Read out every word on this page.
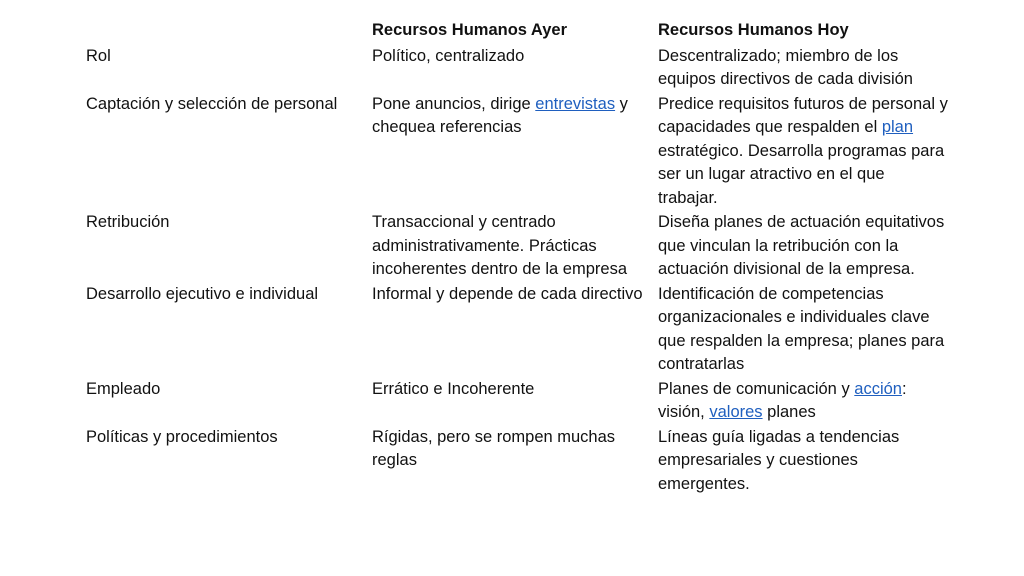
	Recursos Humanos Ayer	Recursos Humanos Hoy
Rol	Político, centralizado	Descentralizado; miembro de los equipos directivos de cada división
Captación y selección de personal	Pone anuncios, dirige entrevistas y chequea referencias	Predice requisitos futuros de personal y capacidades que respalden el plan estratégico. Desarrolla programas para ser un lugar atractivo en el que trabajar.
Retribución	Transaccional y centrado administrativamente. Prácticas incoherentes dentro de la empresa	Diseña planes de actuación equitativos que vinculan la retribución con la actuación divisional de la empresa.
Desarrollo ejecutivo e individual	Informal y depende de cada directivo	Identificación de competencias organizacionales e individuales clave que respalden la empresa; planes para contratarlas
Empleado	Errático e Incoherente	Planes de comunicación y acción: visión, valores planes
Políticas y procedimientos	Rígidas, pero se rompen muchas reglas	Líneas guía ligadas a tendencias empresariales y cuestiones emergentes.
